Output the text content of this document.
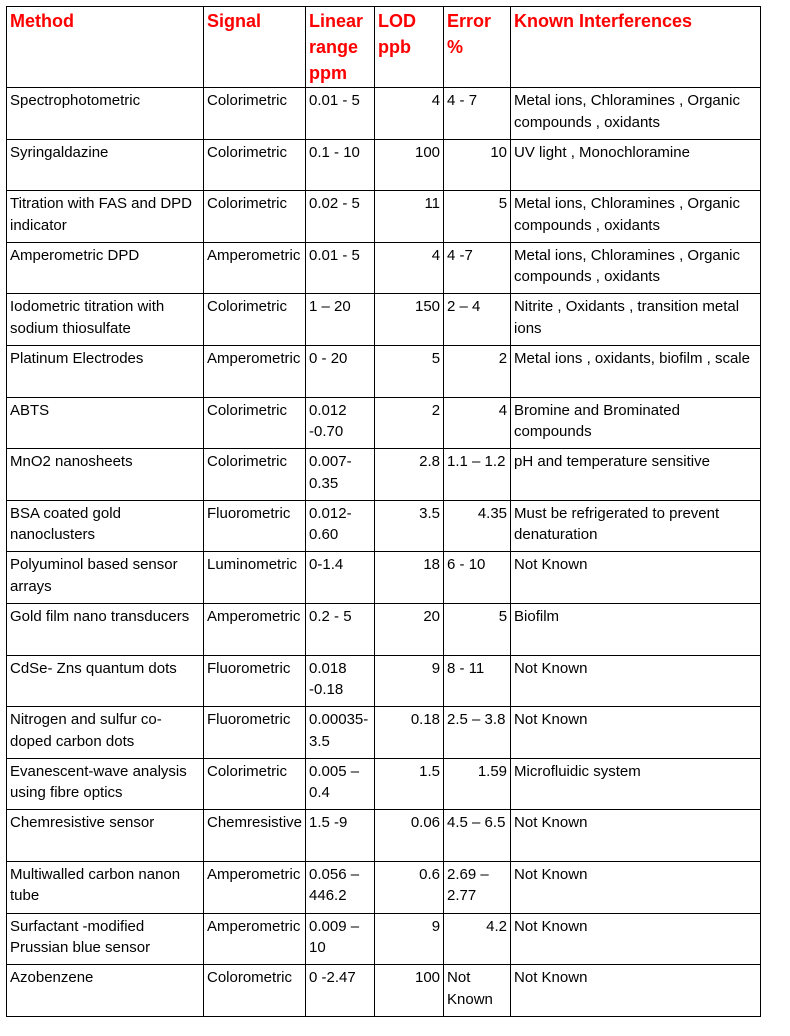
Method	Signal	Linear range ppm	LOD ppb	Error %	Known Interferences
Spectrophotometric	Colorimetric	0.01 - 5	4	4 - 7	Metal ions, Chloramines , Organic compounds , oxidants
Syringaldazine	Colorimetric	0.1 - 10	100	10	UV light , Monochloramine
Titration with FAS and DPD indicator	Colorimetric	0.02 - 5	11	5	Metal ions, Chloramines , Organic compounds , oxidants
Amperometric DPD	Amperometric	0.01 - 5	4	4 -7	Metal ions, Chloramines , Organic compounds , oxidants
Iodometric titration with sodium thiosulfate	Colorimetric	1 – 20	150	2 – 4	Nitrite , Oxidants , transition metal ions
Platinum Electrodes	Amperometric	0 - 20	5	2	Metal ions , oxidants, biofilm , scale
ABTS	Colorimetric	0.012 -0.70	2	4	Bromine and Brominated compounds
MnO2 nanosheets	Colorimetric	0.007-0.35	2.8	1.1 – 1.2	pH and temperature sensitive
BSA coated gold nanoclusters	Fluorometric	0.012-0.60	3.5	4.35	Must be refrigerated to prevent denaturation
Polyuminol based sensor arrays	Luminometric	0-1.4	18	6 - 10	Not Known
Gold film nano transducers	Amperometric	0.2 - 5	20	5	Biofilm
CdSe- Zns quantum dots	Fluorometric	0.018 -0.18	9	8 - 11	Not Known
Nitrogen and sulfur co-doped carbon dots	Fluorometric	0.00035-3.5	0.18	2.5 – 3.8	Not Known
Evanescent-wave analysis using fibre optics	Colorimetric	0.005 – 0.4	1.5	1.59	Microfluidic system
Chemresistive sensor	Chemresistive	1.5 -9	0.06	4.5 – 6.5	Not Known
Multiwalled carbon nanon tube	Amperometric	0.056 – 446.2	0.6	2.69 – 2.77	Not Known
Surfactant -modified Prussian blue sensor	Amperometric	0.009 – 10	9	4.2	Not Known
Azobenzene	Colorometric	0 -2.47	100	Not Known	Not Known
